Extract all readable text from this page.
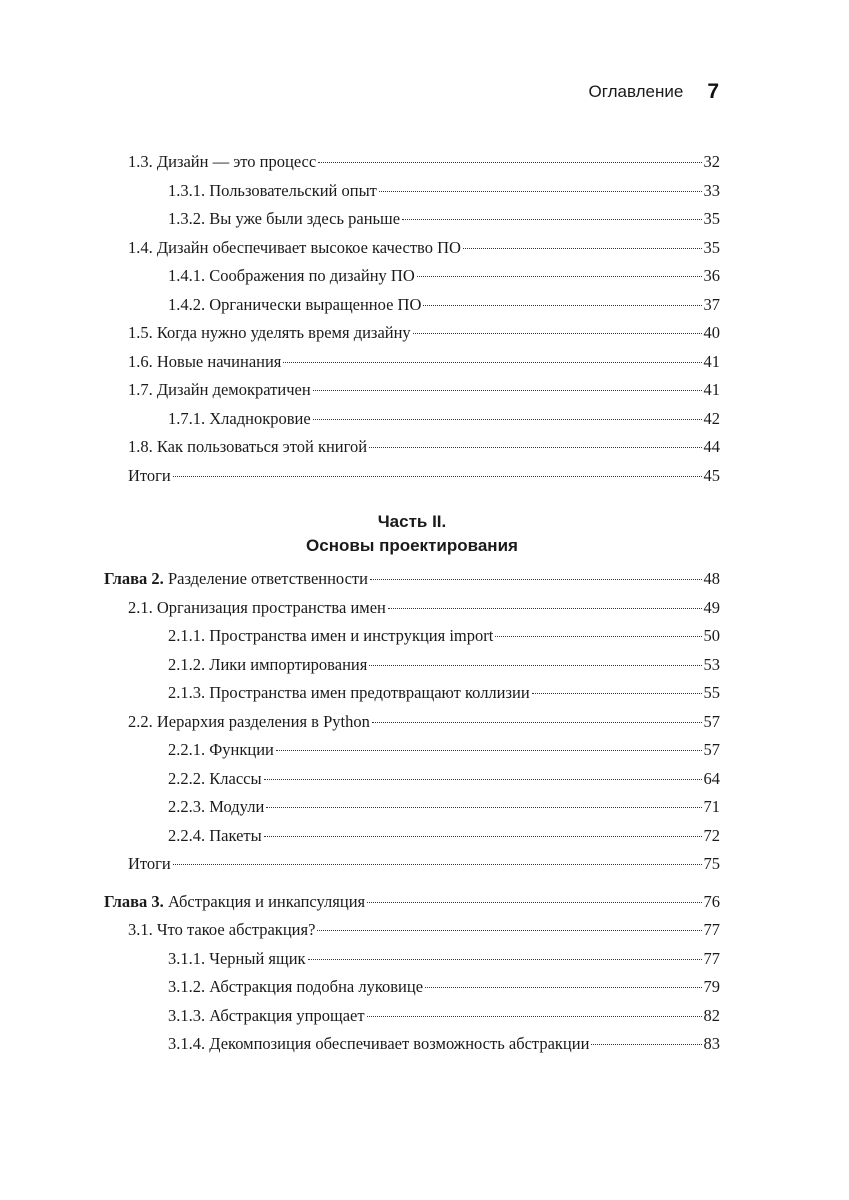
Оглавление 7
1.3. Дизайн — это процесс	32
1.3.1. Пользовательский опыт	33
1.3.2. Вы уже были здесь раньше	35
1.4. Дизайн обеспечивает высокое качество ПО	35
1.4.1. Соображения по дизайну ПО	36
1.4.2. Органически выращенное ПО	37
1.5. Когда нужно уделять время дизайну	40
1.6. Новые начинания	41
1.7. Дизайн демократичен	41
1.7.1. Хладнокровие	42
1.8. Как пользоваться этой книгой	44
Итоги	45
Часть II.
Основы проектирования
Глава 2. Разделение ответственности	48
2.1. Организация пространства имен	49
2.1.1. Пространства имен и инструкция import	50
2.1.2. Лики импортирования	53
2.1.3. Пространства имен предотвращают коллизии	55
2.2. Иерархия разделения в Python	57
2.2.1. Функции	57
2.2.2. Классы	64
2.2.3. Модули	71
2.2.4. Пакеты	72
Итоги	75
Глава 3. Абстракция и инкапсуляция	76
3.1. Что такое абстракция?	77
3.1.1. Черный ящик	77
3.1.2. Абстракция подобна луковице	79
3.1.3. Абстракция упрощает	82
3.1.4. Декомпозиция обеспечивает возможность абстракции	83
